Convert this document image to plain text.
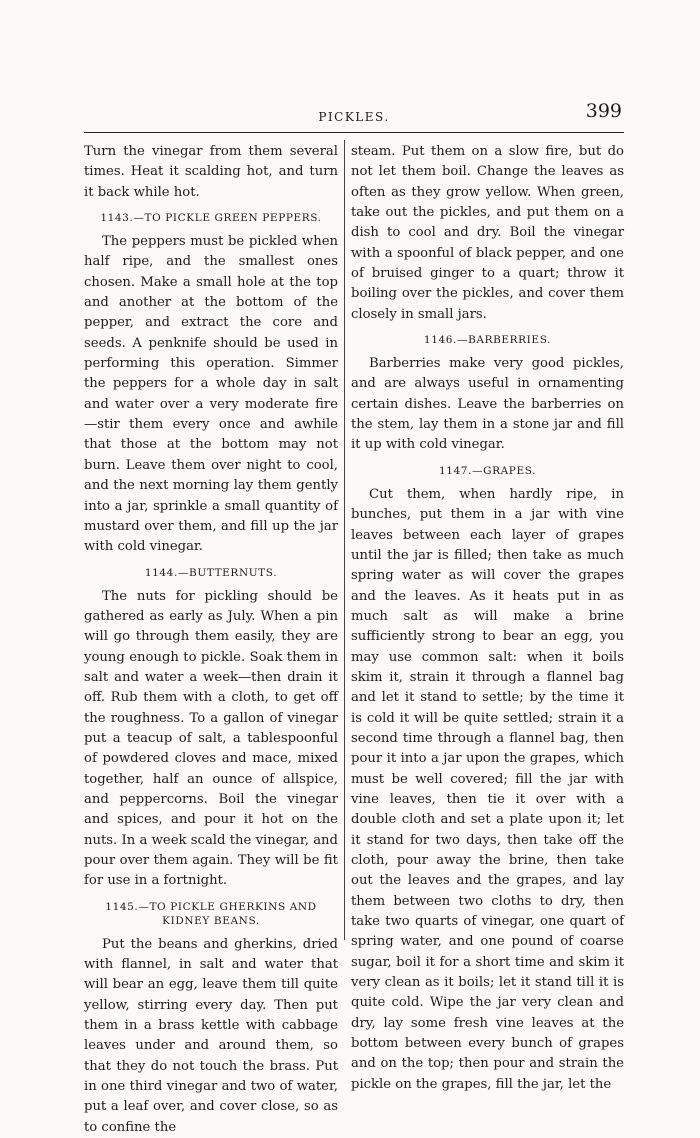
PICKLES.	399

Turn the vinegar from them several times. Heat it scalding hot, and turn it back while hot.

1143.—TO PICKLE GREEN PEPPERS.

The peppers must be pickled when half ripe, and the smallest ones chosen. Make a small hole at the top and another at the bottom of the pepper, and extract the core and seeds. A penknife should be used in performing this operation. Simmer the peppers for a whole day in salt and water over a very moderate fire —stir them every once and awhile that those at the bottom may not burn. Leave them over night to cool, and the next morning lay them gently into a jar, sprinkle a small quantity of mustard over them, and fill up the jar with cold vinegar.

1144.—BUTTERNUTS.

The nuts for pickling should be gathered as early as July. When a pin will go through them easily, they are young enough to pickle. Soak them in salt and water a week—then drain it off. Rub them with a cloth, to get off the roughness. To a gallon of vinegar put a teacup of salt, a tablespoonful of powdered cloves and mace, mixed together, half an ounce of allspice, and peppercorns. Boil the vinegar and spices, and pour it hot on the nuts. In a week scald the vinegar, and pour over them again. They will be fit for use in a fortnight.

1145.—TO PICKLE GHERKINS AND KIDNEY BEANS.

Put the beans and gherkins, dried with flannel, in salt and water that will bear an egg, leave them till quite yellow, stirring every day. Then put them in a brass kettle with cabbage leaves under and around them, so that they do not touch the brass. Put in one third vinegar and two of water, put a leaf over, and cover close, so as to confine the

steam. Put them on a slow fire, but do not let them boil. Change the leaves as often as they grow yellow. When green, take out the pickles, and put them on a dish to cool and dry. Boil the vinegar with a spoonful of black pepper, and one of bruised ginger to a quart; throw it boiling over the pickles, and cover them closely in small jars.

1146.—BARBERRIES.

Barberries make very good pickles, and are always useful in ornamenting certain dishes. Leave the barberries on the stem, lay them in a stone jar and fill it up with cold vinegar.

1147.—GRAPES.

Cut them, when hardly ripe, in bunches, put them in a jar with vine leaves between each layer of grapes until the jar is filled; then take as much spring water as will cover the grapes and the leaves. As it heats put in as much salt as will make a brine sufficiently strong to bear an egg, you may use common salt: when it boils skim it, strain it through a flannel bag and let it stand to settle; by the time it is cold it will be quite settled; strain it a second time through a flannel bag, then pour it into a jar upon the grapes, which must be well covered; fill the jar with vine leaves, then tie it over with a double cloth and set a plate upon it; let it stand for two days, then take off the cloth, pour away the brine, then take out the leaves and the grapes, and lay them between two cloths to dry, then take two quarts of vinegar, one quart of spring water, and one pound of coarse sugar, boil it for a short time and skim it very clean as it boils; let it stand till it is quite cold. Wipe the jar very clean and dry, lay some fresh vine leaves at the bottom between every bunch of grapes and on the top; then pour and strain the pickle on the grapes, fill the jar, let the
